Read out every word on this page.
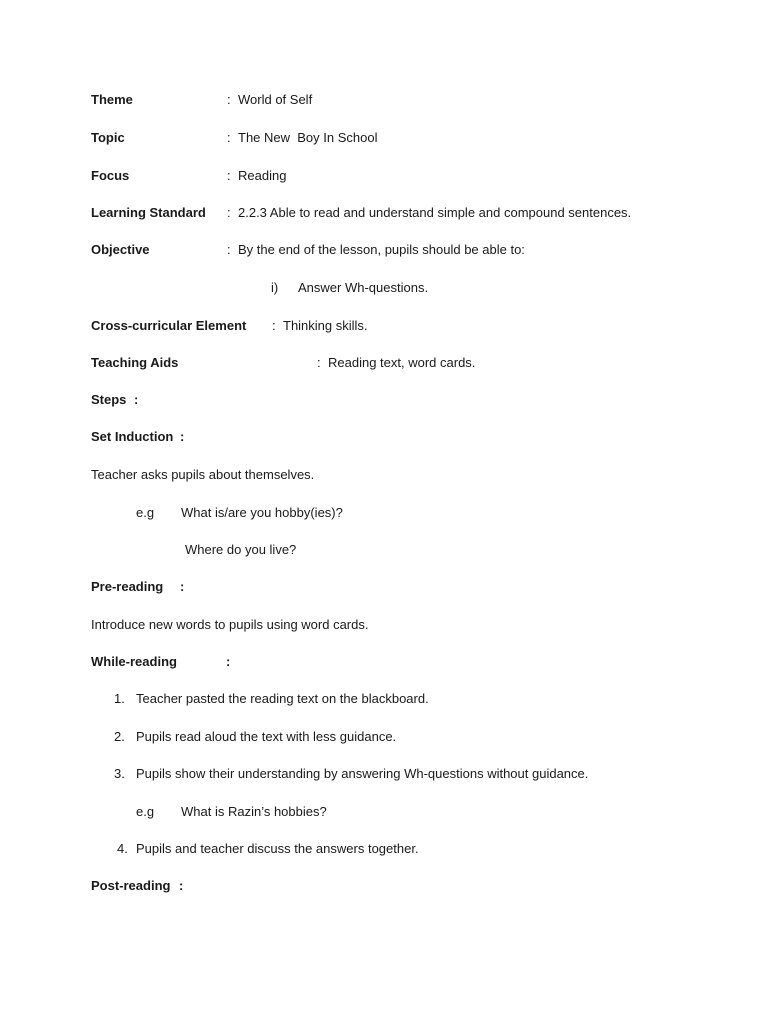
Theme	: World of Self
Topic	: The New  Boy In School
Focus	: Reading
Learning Standard : 2.2.3 Able to read and understand simple and compound sentences.
Objective	: By the end of the lesson, pupils should be able to:
i) Answer Wh-questions.
Cross-curricular Element : Thinking skills.
Teaching Aids	: Reading text, word cards.
Steps :
Set Induction :
Teacher asks pupils about themselves.
e.g What is/are you hobby(ies)?
Where do you live?
Pre-reading :
Introduce new words to pupils using word cards.
While-reading	:
1. Teacher pasted the reading text on the blackboard.
2. Pupils read aloud the text with less guidance.
3. Pupils show their understanding by answering Wh-questions without guidance.
e.g What is Razin’s hobbies?
4. Pupils and teacher discuss the answers together.
Post-reading :
